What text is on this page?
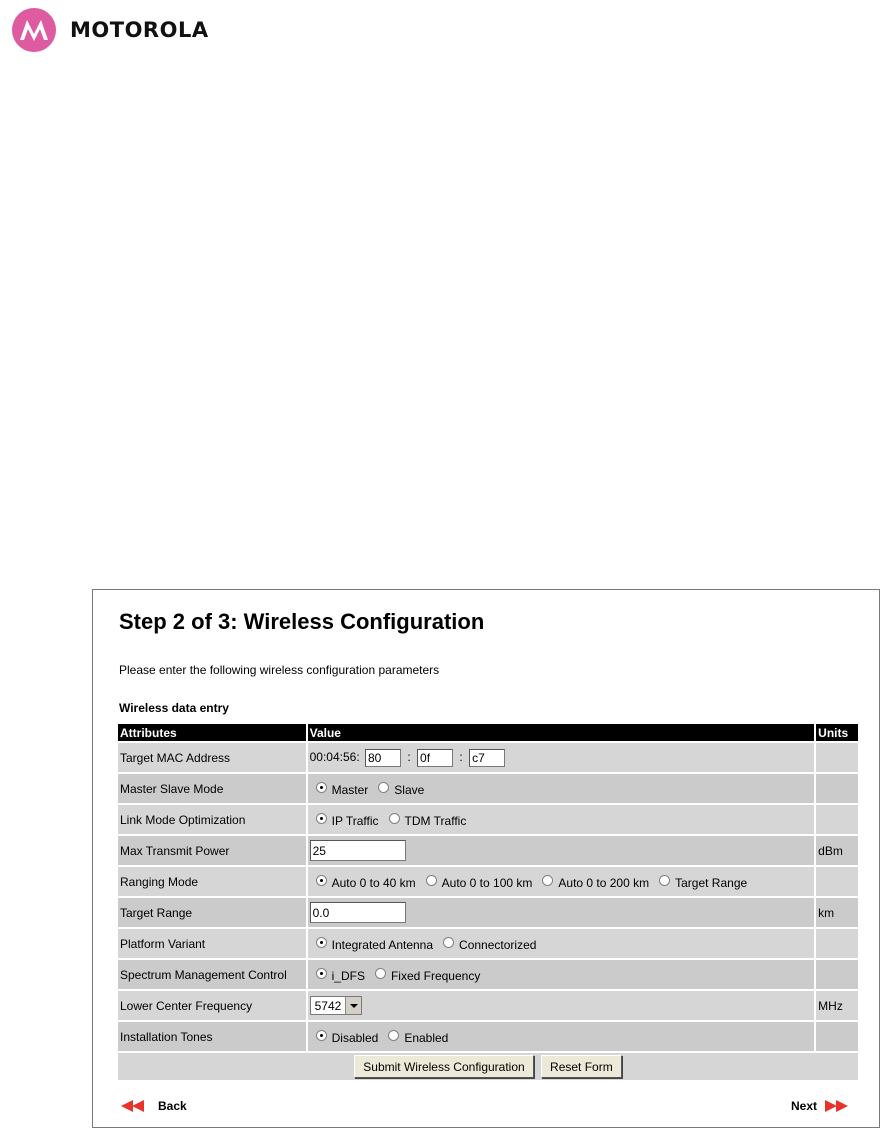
MOTOROLA
Step 2 of 3: Wireless Configuration
Please enter the following wireless configuration parameters
Wireless data entry
Attributes	Value	Units
Target MAC Address	00:04:56: 80 : 0f : c7	
Master Slave Mode	Master Slave	

Link Mode Optimization	IP Traffic TDM Traffic	

Max Transmit Power	25	dBm
Ranging Mode	Auto 0 to 40 km Auto 0 to 100 km Auto 0 to 200 km Target Range	

Target Range	0.0	km
Platform Variant	Integrated Antenna Connectorized	

Spectrum Management Control	i_DFS Fixed Frequency	

Lower Center Frequency	5742	MHz
Installation Tones	Disabled Enabled	

Submit Wireless Configuration Reset Form		
Back	Next
